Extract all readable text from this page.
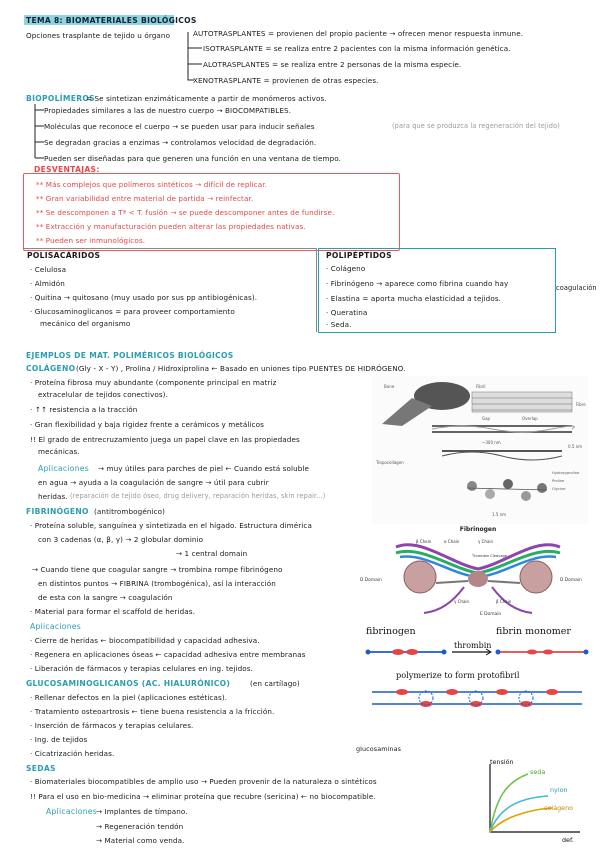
TEMA 8: BIOMATERIALES BIOLÓGICOS
Opciones trasplante de tejido u órgano	AUTOTRASPLANTES = provienen del propio paciente → ofrecen menor respuesta inmune.
ISOTRASPLANTE = se realiza entre 2 pacientes con la misma información genética.
ALOTRASPLANTES = se realiza entre 2 personas de la misma especie.
XENOTRASPLANTE = provienen de otras especies.
BIOPOLÍMEROS
= Se sintetizan enzimáticamente a partir de monómeros activos.
Propiedades similares a las de nuestro cuerpo → BIOCOMPATIBLES.
Moléculas que reconoce el cuerpo → se pueden usar para inducir señales	(para que se produzca la regeneración del tejido)
Se degradan gracias a enzimas → controlamos velocidad de degradación.
Pueden ser diseñadas para que generen una función en una ventana de tiempo.
DESVENTAJAS:
** Más complejos que polímeros sintéticos → difícil de replicar.
** Gran variabilidad entre material de partida → reinfectar.
** Se descomponen a Tª < T. fusión → se puede descomponer antes de fundirse.
** Extracción y manufacturación pueden alterar las propiedades nativas.
** Pueden ser inmunológicos.
POLISACÁRIDOS
· Celulosa
· Almidón
· Quitina → quitosano (muy usado por sus pp antibiogénicas).
· Glucosaminoglicanos = para proveer comportamiento
mecánico del organismo
POLIPÉPTIDOS
· Colágeno
· Fibrinógeno → aparece como fibrina cuando hay	coagulación
· Elastina = aporta mucha elasticidad a tejidos.
· Queratina
· Seda.
EJEMPLOS DE MAT. POLIMÉRICOS BIOLÓGICOS
COLÁGENO (Gly - X - Y) , Prolina / Hidroxiprolina ← Basado en uniones tipo PUENTES DE HIDRÓGENO.
· Proteína fibrosa muy abundante (componente principal en matriz
extracelular de tejidos conectivos).
· ↑↑ resistencia a la tracción
· Gran flexibilidad y baja rigidez frente a cerámicos y metálicos
!! El grado de entrecruzamiento juega un papel clave en las propiedades
mecánicas.
Aplicaciones → muy útiles para parches de piel ← Cuando está soluble
en agua → ayuda a la coagulación de sangre → útil para cubrir
heridas. (reparación de tejido óseo, drug delivery, reparación heridas, skin repair...)
FIBRINÓGENO (antitrombogénico)
· Proteína soluble, sanguínea y sintetizada en el hígado. Estructura dimérica
con 3 cadenas (α, β, γ) → 2 globular dominio
→ 1 central domain
→ Cuando tiene que coagular sangre → trombina rompe fibrinógeno
en distintos puntos → FIBRINA (trombogénica), así la interacción
de esta con la sangre → coagulación
· Material para formar el scaffold de heridas.
Aplicaciones
· Cierre de heridas ← biocompatibilidad y capacidad adhesiva.
· Regenera en aplicaciones óseas ← capacidad adhesiva entre membranas
· Liberación de fármacos y terapias celulares en ing. tejidos.
GLUCOSAMINOGLICANOS (AC. HIALURÓNICO)	(en cartílago)
· Rellenar defectos en la piel (aplicaciones estéticas).
· Tratamiento osteoartrosis ← tiene buena resistencia a la fricción.
· Inserción de fármacos y terapias celulares.
· Ing. de tejidos
· Cicatrización heridas.	glucosaminas
SEDAS
· Biomateriales biocompatibles de amplio uso → Pueden provenir de la naturaleza o sintéticos
!! Para el uso en bio-medicina → eliminar proteína que recubre (sericina) ← no biocompatible.
Aplicaciones
→ Implantes de tímpano.
→ Regeneración tendón
→ Material como venda.
Bone
Tropocollagen
Fibril
Fibre
~300 nm
Gap	Overlap
0.5 nm
Hydroxyproline
Proline
Glycine
1.5 nm
Fibrinogen
β Chain	α Chain	γ Chain
Thrombin Cleavage
D Domain
E Domain
D Domain
γ Chain	β Chain
fibrinogen	fibrin monomer
thrombin
polymerize to form protofibril
tensión
def.
seda
nylon
colágeno
